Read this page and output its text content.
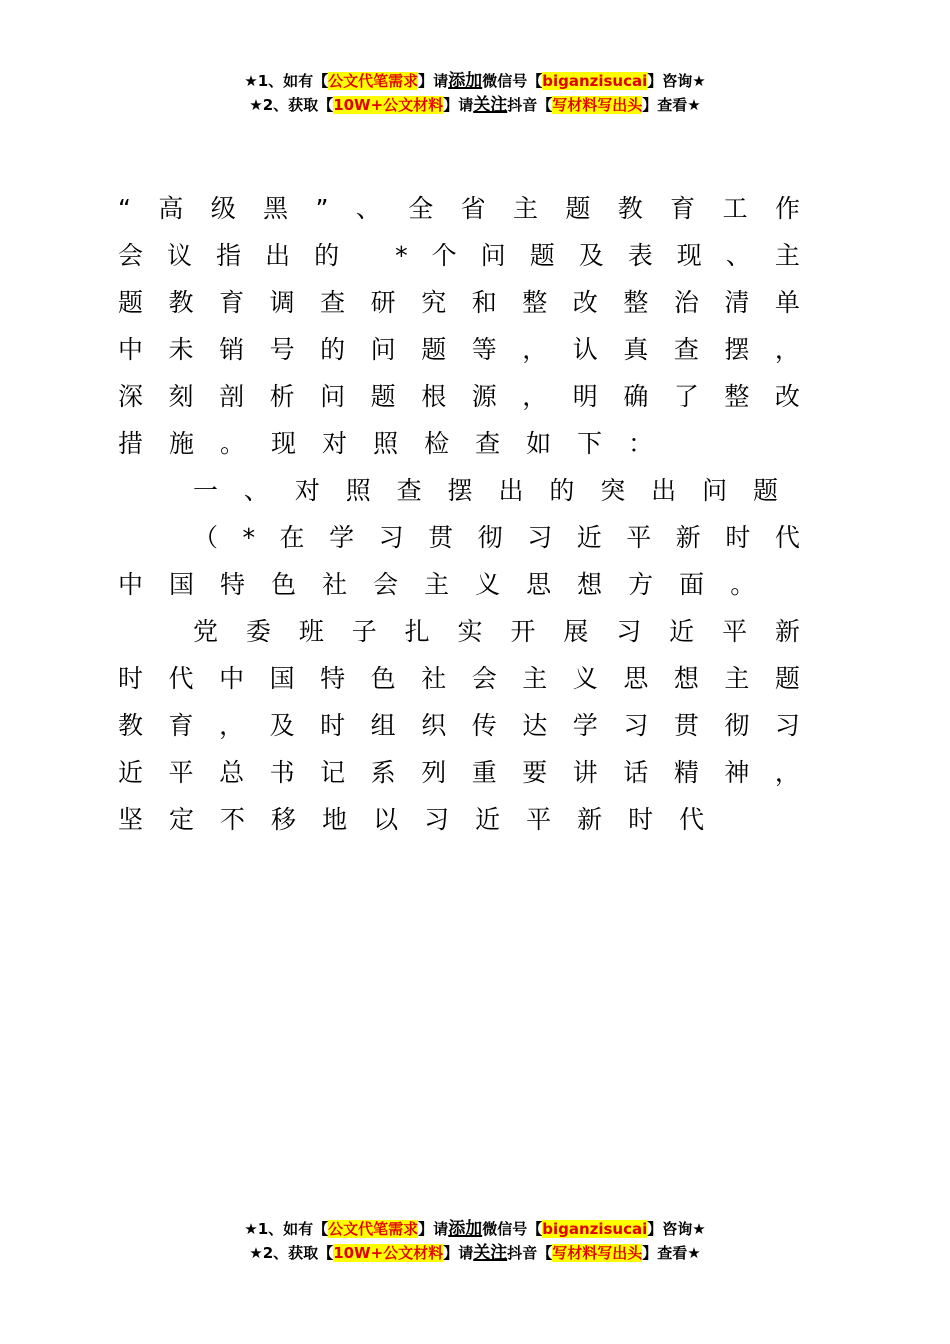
★1、如有【公文代笔需求】请添加微信号【biganzisucai】咨询★
★2、获取【10W+公文材料】请关注抖音【写材料写出头】查看★
“ 高 级 黑 ” 、 全 省 主 题 教 育 工 作
会 议 指 出 的
* 个 问 题 及 表 现 、 主
题 教 育 调 查 研 究 和 整 改 整 治 清 单
中 未 销 号 的 问 题 等 ， 认 真 查 摆 ，
深 刻 剖 析 问 题 根 源 ， 明 确 了 整 改
措 施 。 现 对 照 检 查 如 下 ：
一 、 对 照 查 摆 出 的 突 出 问 题
（ * 在 学 习 贯 彻 习 近 平 新 时 代
中 国 特 色 社 会 主 义 思 想 方 面 。
党 委 班 子 扎 实 开 展 习 近 平 新
时 代 中 国 特 色 社 会 主 义 思 想 主 题
教 育 ， 及 时 组 织 传 达 学 习 贯 彻 习
近 平 总 书 记 系 列 重 要 讲 话 精 神 ，
坚 定 不 移 地 以 习 近 平 新 时 代
★1、如有【公文代笔需求】请添加微信号【biganzisucai】咨询★
★2、获取【10W+公文材料】请关注抖音【写材料写出头】查看★
